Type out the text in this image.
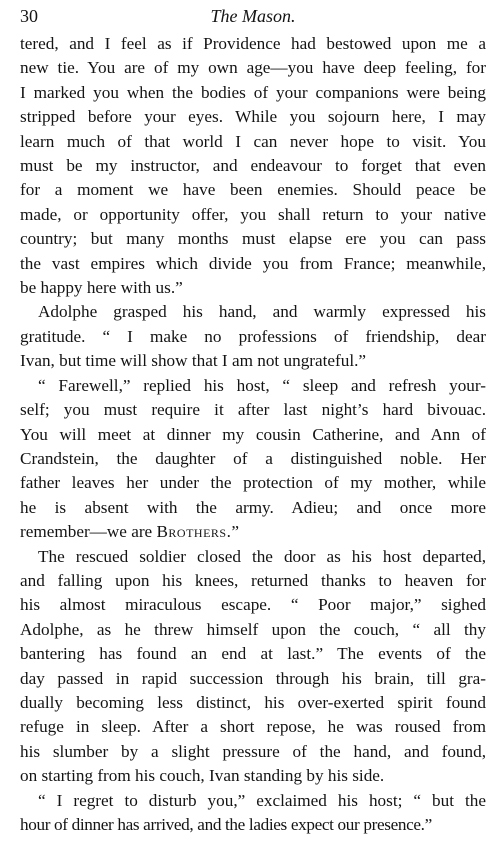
30	The Mason.
tered, and I feel as if Providence had bestowed upon me a
new tie. You are of my own age—you have deep feeling, for
I marked you when the bodies of your companions were being
stripped before your eyes. While you sojourn here, I may
learn much of that world I can never hope to visit. You
must be my instructor, and endeavour to forget that even
for a moment we have been enemies. Should peace be
made, or opportunity offer, you shall return to your native
country; but many months must elapse ere you can pass
the vast empires which divide you from France; meanwhile,
be happy here with us.”
Adolphe grasped his hand, and warmly expressed his
gratitude. “ I make no professions of friendship, dear
Ivan, but time will show that I am not ungrateful.”
“ Farewell,” replied his host, “ sleep and refresh your-
self; you must require it after last night’s hard bivouac.
You will meet at dinner my cousin Catherine, and Ann of
Crandstein, the daughter of a distinguished noble. Her
father leaves her under the protection of my mother, while
he is absent with the army. Adieu; and once more
remember—we are Brothers.”
The rescued soldier closed the door as his host departed,
and falling upon his knees, returned thanks to heaven for
his almost miraculous escape. “ Poor major,” sighed
Adolphe, as he threw himself upon the couch, “ all thy
bantering has found an end at last.” The events of the
day passed in rapid succession through his brain, till gra-
dually becoming less distinct, his over-exerted spirit found
refuge in sleep. After a short repose, he was roused from
his slumber by a slight pressure of the hand, and found,
on starting from his couch, Ivan standing by his side.
“ I regret to disturb you,” exclaimed his host; “ but the
hour of dinner has arrived, and the ladies expect our presence.”
